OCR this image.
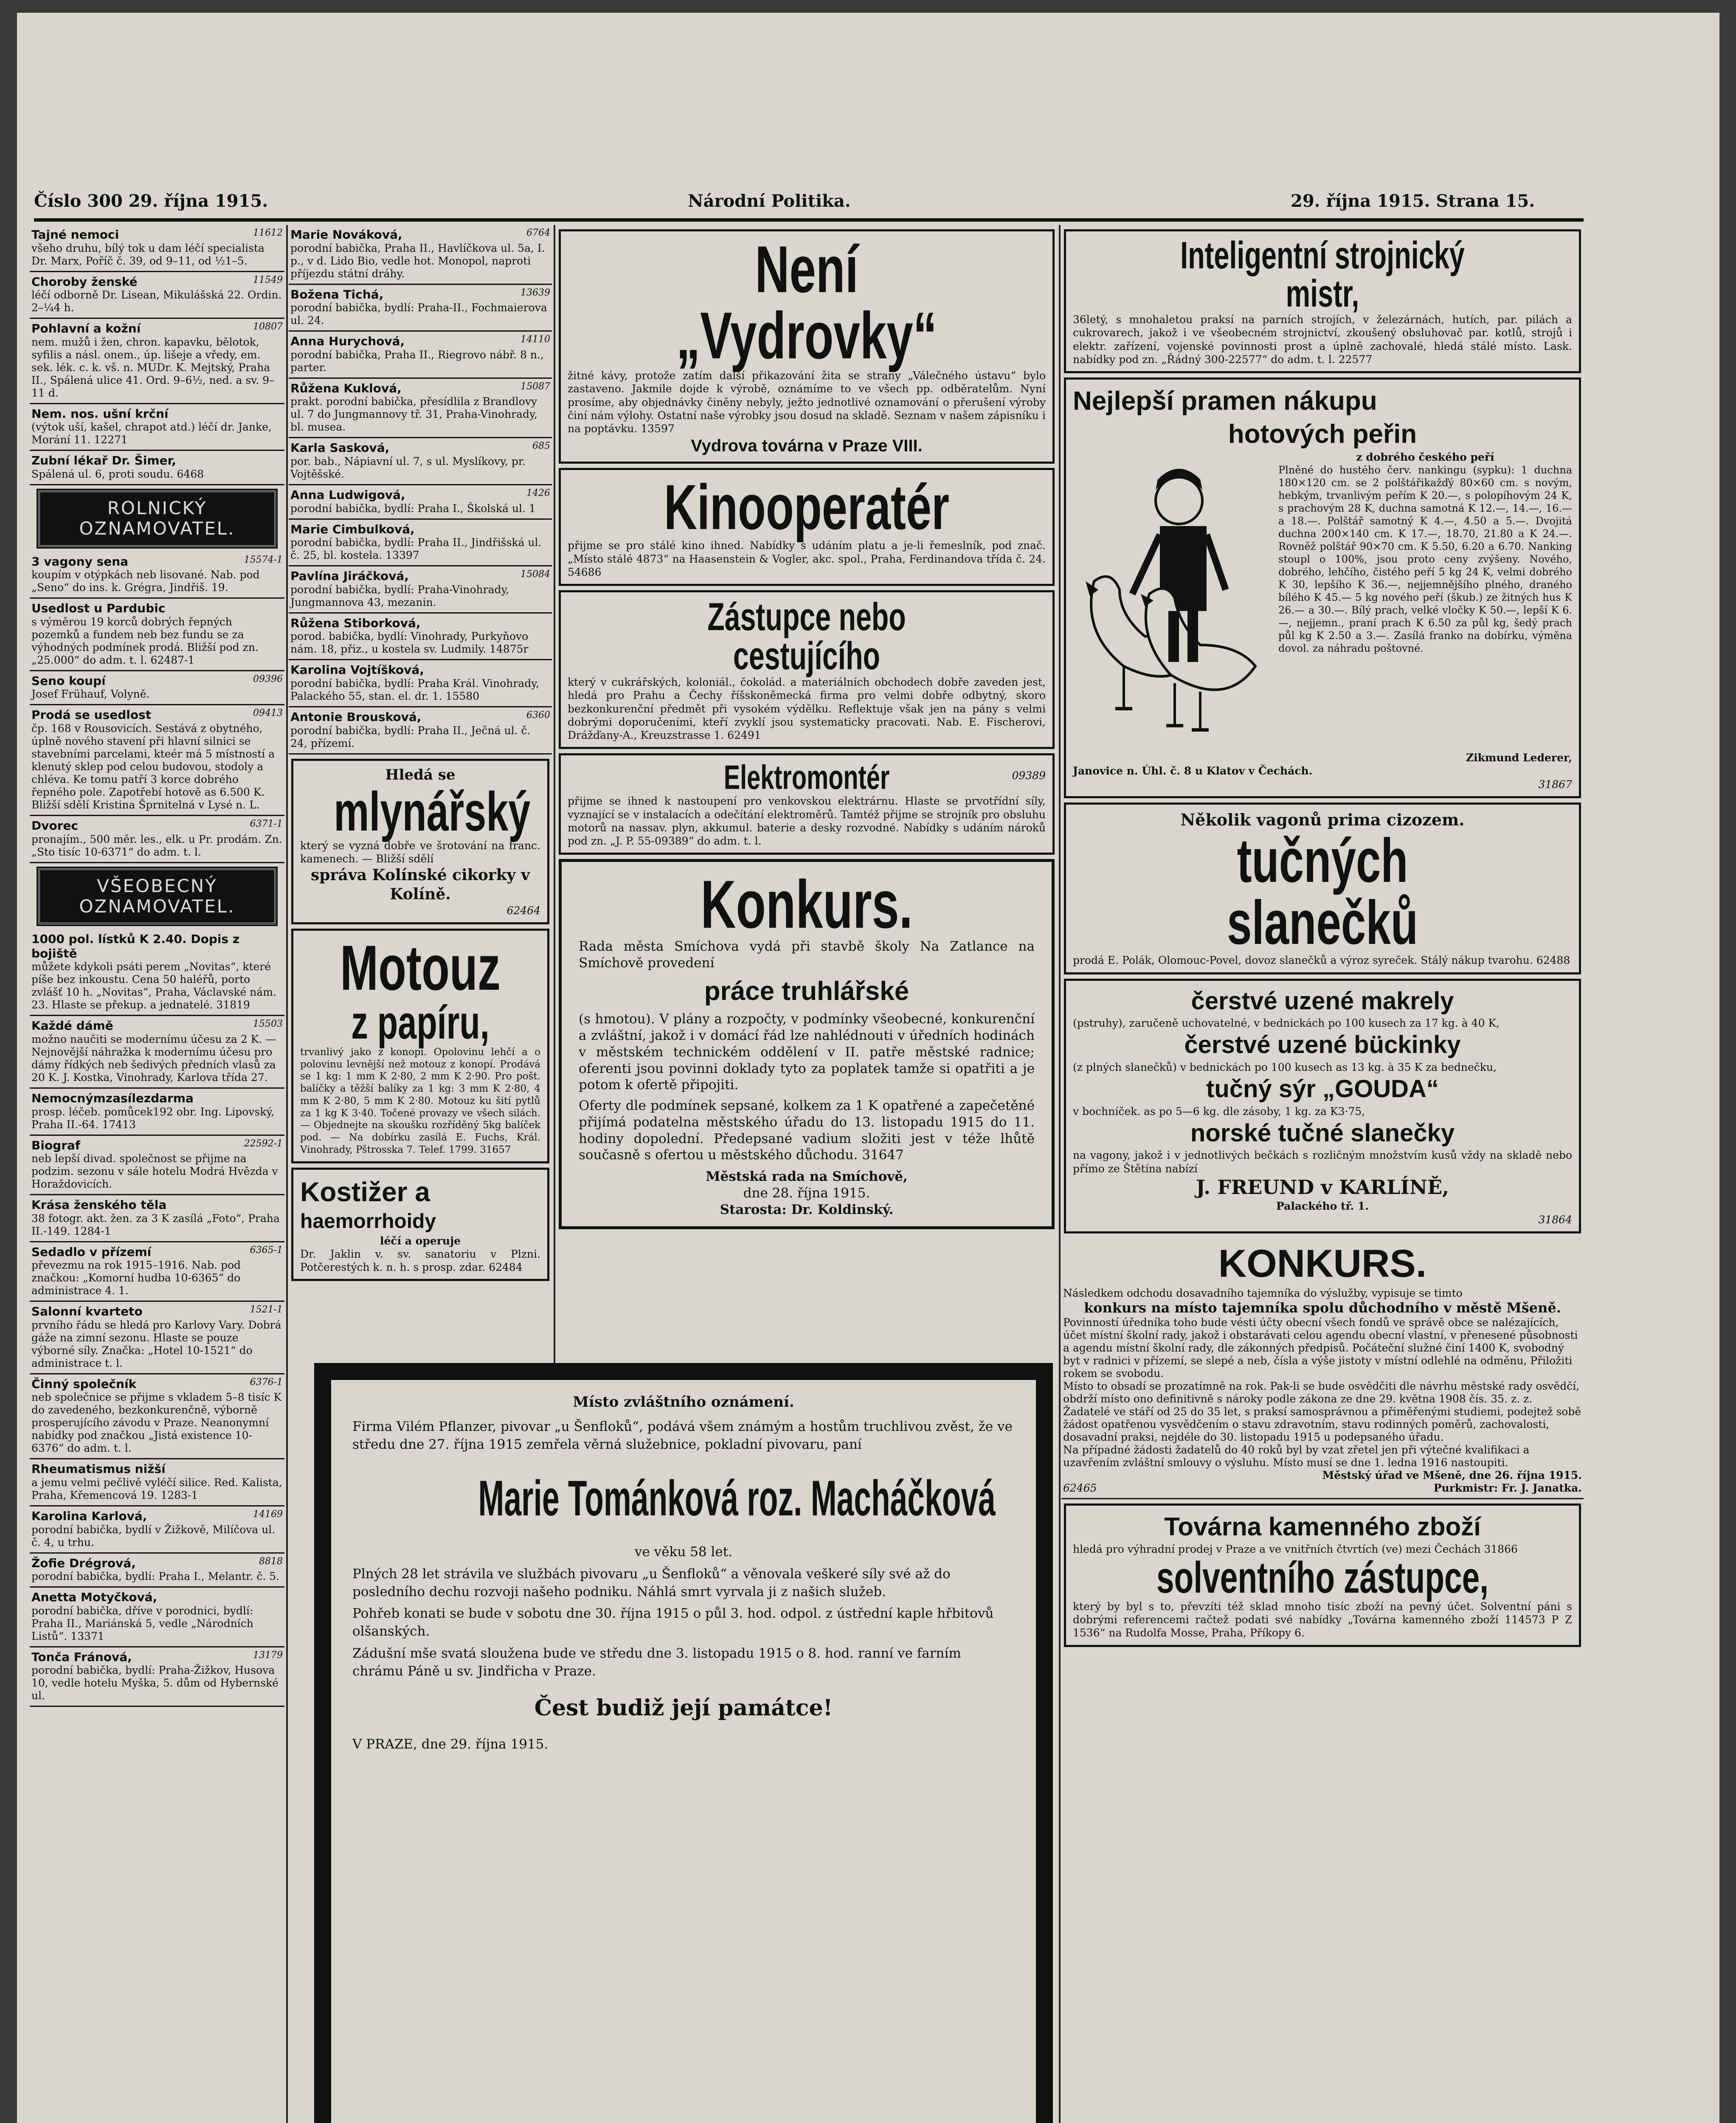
Číslo 300 29. října 1915.	Národní Politika.	29. října 1915. Strana 15.
11612
Tajné nemoci
všeho druhu, bílý tok u dam léčí specialista Dr. Marx, Poříč č. 39, od 9–11, od ½1–5.
11549
Choroby ženské
léčí odborně Dr. Lisean, Mikulášská 22. Ordin. 2–¼4 h.
10807
Pohlavní a kožní
nem. mužů i žen, chron. kapavku, bělotok, syfilis a násl. onem., úp. lišeje a vředy, em. sek. lék. c. k. vš. n. MUDr. K. Mejtský, Praha II., Spálená ulice 41. Ord. 9–6½, ned. a sv. 9–11 d.
Nem. nos. ušní krční
(výtok uší, kašel, chrapot atd.) léčí dr. Janke, Morání 11. 12271
Zubní lékař Dr. Šimer,
Spálená ul. 6, proti soudu. 6468
ROLNICKÝ OZNAMOVATEL.
15574-1
3 vagony sena
koupím v otýpkách neb lisované. Nab. pod „Seno“ do ins. k. Grégra, Jindřiš. 19.
Usedlost u Pardubic
s výměrou 19 korců dobrých řepných pozemků a fundem neb bez fundu se za výhodných podmínek prodá. Bližší pod zn. „25.000“ do adm. t. l. 62487-1
09396
Seno koupí
Josef Frühauf, Volyně.
09413
Prodá se usedlost
čp. 168 v Rousovicích. Sestává z obytného, úplně nového stavení při hlavní silnici se stavebními parcelami, kteér má 5 místností a klenutý sklep pod celou budovou, stodoly a chléva. Ke tomu patří 3 korce dobrého řepného pole. Zapotřebí hotově as 6.500 K. Bližší sdělí Kristina Šprnitelná v Lysé n. L.
6371-1
Dvorec
pronajím., 500 měr. les., elk. u Pr. prodám. Zn. „Sto tisíc 10-6371“ do adm. t. l.
VŠEOBECNÝ OZNAMOVATEL.
1000 pol. lístků K 2.40. Dopis z bojiště
můžete kdykoli psáti perem „Novitas“, které píše bez inkoustu. Cena 50 haléřů, porto zvlášť 10 h. „Novitas“, Praha, Václavské nám. 23. Hlaste se překup. a jednatelé. 31819
15503
Každé dámě
možno naučiti se modernímu účesu za 2 K. — Nejnovější náhražka k modernímu účesu pro dámy řídkých neb šedivých předních vlasů za 20 K. J. Kostka, Vinohrady, Karlova třída 27.
Nemocnýmzasílezdarma
prosp. léčeb. pomůcek192 obr. Ing. Lipovský, Praha II.-64. 17413
22592-1
Biograf
neb lepší divad. společnost se přijme na podzim. sezonu v sále hotelu Modrá Hvězda v Horaždovicích.
Krása ženského těla
38 fotogr. akt. žen. za 3 K zasílá „Foto“, Praha II.-149. 1284-1
6365-1
Sedadlo v přízemí
převezmu na rok 1915–1916. Nab. pod značkou: „Komorní hudba 10-6365“ do administrace 4. 1.
1521-1
Salonní kvarteto
prvního řádu se hledá pro Karlovy Vary. Dobrá gáže na zimní sezonu. Hlaste se pouze výborné síly. Značka: „Hotel 10-1521“ do administrace t. l.
6376-1
Činný společník
neb společnice se přijme s vkladem 5–8 tisíc K do zavedeného, bezkonkurenčně, výborně prosperujícího závodu v Praze. Neanonymní nabídky pod značkou „Jistá existence 10-6376“ do adm. t. l.
Rheumatismus nižší
a jemu velmi pečlivě vyléčí silice. Red. Kalista, Praha, Křemencová 19. 1283-1
14169
Karolina Karlová,
porodní babička, bydlí v Žižkově, Milíčova ul. č. 4, u trhu.
8818
Žofie Drégrová,
porodní babička, bydlí: Praha I., Melantr. č. 5.
Anetta Motyčková,
porodní babička, dříve v porodnici, bydlí: Praha II., Mariánská 5, vedle „Národních Listů“. 13371
13179
Tonča Fránová,
porodní babička, bydlí: Praha-Žižkov, Husova 10, vedle hotelu Myška, 5. dům od Hybernské ul.
6764
Marie Nováková,
porodní babička, Praha II., Havlíčkova ul. 5a, I. p., v d. Lido Bio, vedle hot. Monopol, naproti příjezdu státní dráhy.
13639
Božena Tichá,
porodní babička, bydlí: Praha-II., Fochmaierova ul. 24.
14110
Anna Hurychová,
porodní babička, Praha II., Riegrovo nábř. 8 n., parter.
15087
Růžena Kuklová,
prakt. porodní babička, přesídlila z Brandlovy ul. 7 do Jungmannovy tř. 31, Praha-Vinohrady, bl. musea.
685
Karla Sasková,
por. bab., Nápiavní ul. 7, s ul. Myslíkovy, pr. Vojtěšské.
1426
Anna Ludwigová,
porodní babička, bydlí: Praha I., Školská ul. 1
Marie Cimbulková,
porodní babička, bydlí: Praha II., Jindřišská ul. č. 25, bl. kostela. 13397
15084
Pavlína Jiráčková,
porodní babička, bydlí: Praha-Vinohrady, Jungmannova 43, mezanin.
Růžena Stiborková,
porod. babička, bydlí: Vinohrady, Purkyňovo nám. 18, přiz., u kostela sv. Ludmily. 14875r
Karolina Vojtíšková,
porodní babička, bydlí: Praha Král. Vinohrady, Palackého 55, stan. el. dr. 1. 15580
6360
Antonie Brousková,
porodní babička, bydlí: Praha II., Ječná ul. č. 24, přízemí.
Hledá se
mlynářský
který se vyzná dobře ve šrotování na franc. kamenech. — Bližší sdělí
správa Kolínské cikorky v Kolíně.
62464
Motouz
z papíru,
trvanlivý jako z konopí. Opolovinu lehčí a o polovinu levnější než motouz z konopí. Prodává se 1 kg: 1 mm K 2·80, 2 mm K 2·90. Pro pošt. balíčky a těžší balíky za 1 kg: 3 mm K 2·80, 4 mm K 2·80, 5 mm K 2·80. Motouz ku šití pytlů za 1 kg K 3·40. Točené provazy ve všech silách. — Objednejte na skoušku rozříděný 5kg balíček pod. — Na dobírku zasílá E. Fuchs, Král. Vinohrady, Pštrosska 7. Telef. 1799. 31657
Kostižer a
haemorrhoidy
léčí a operuje
Dr. Jaklin v. sv. sanatoriu v Plzni. Potčerestých k. n. h. s prosp. zdar. 62484
Není „Vydrovky“
žitné kávy, protože zatím další přikazování žita se strany „Válečného ústavu“ bylo zastaveno. Jakmile dojde k výrobě, oznámíme to ve všech pp. odběratelům. Nyní prosíme, aby objednávky činěny nebyly, ježto jednotlivé oznamování o přerušení výroby činí nám výlohy. Ostatní naše výrobky jsou dosud na skladě. Seznam v našem zápisníku i na poptávku. 13597
Vydrova továrna v Praze VIII.
Kinooperatér
přijme se pro stálé kino ihned. Nabídky s udáním platu a je-li řemeslník, pod znač. „Místo stálé 4873“ na Haasenstein & Vogler, akc. spol., Praha, Ferdinandova třída č. 24. 54686
Zástupce nebo cestujícího
který v cukrářských, koloniál., čokolád. a materiálních obchodech dobře zaveden jest, hledá pro Prahu a Čechy říšskoněmecká firma pro velmi dobře odbytný, skoro bezkonkurenční předmět při vysokém výdělku. Reflektuje však jen na pány s velmi dobrými doporučeními, kteří zvyklí jsou systematicky pracovati. Nab. E. Fischerovi, Drážďany-A., Kreuzstrasse 1. 62491
Elektromontér	09389
přijme se ihned k nastoupení pro venkovskou elektrárnu. Hlaste se prvotřídní síly, vyznající se v instalacích a odečítání elektroměrů. Tamtéž přijme se strojník pro obsluhu motorů na nassav. plyn, akkumul. baterie a desky rozvodné. Nabídky s udáním nároků pod zn. „J. P. 55-09389“ do adm. t. l.
Konkurs.
Rada města Smíchova vydá při stavbě školy Na Zatlance na Smíchově provedení
práce truhlářské
(s hmotou). V plány a rozpočty, v podmínky všeobecné, konkurenční a zvláštní, jakož i v domácí řád lze nahlédnouti v úředních hodinách v městském technickém oddělení v II. patře městské radnice; oferenti jsou povinni doklady tyto za poplatek tamže si opatřiti a je potom k ofertě připojiti.
Oferty dle podmínek sepsané, kolkem za 1 K opatřené a zapečetěné přijímá podatelna městského úřadu do 13. listopadu 1915 do 11. hodiny dopolední. Předepsané vadium složiti jest v téže lhůtě současně s ofertou u městského důchodu. 31647
Městská rada na Smíchově,
dne 28. října 1915.
Starosta: Dr. Koldinský.
Inteligentní strojnický mistr,
36letý, s mnohaletou praksí na parních strojích, v železárnách, hutích, par. pilách a cukrovarech, jakož i ve všeobecném strojnictví, zkoušený obsluhovač par. kotlů, strojů i elektr. zařízení, vojenské povinnosti prost a úplně zachovalé, hledá stálé místo. Lask. nabídky pod zn. „Řádný 300-22577“ do adm. t. l. 22577
Nejlepší pramen nákupu
hotových peřin
z dobrého českého peří
Plněné do hustého červ. nankingu (sypku): 1 duchna 180×120 cm. se 2 polštářikažďý 80×60 cm. s novým, hebkým, trvanlivým peřím K 20.—, s polopíhovým 24 K, s prachovým 28 K, duchna samotná K 12.—, 14.—, 16.— a 18.—. Polštář samotný K 4.—, 4.50 a 5.—. Dvojitá duchna 200×140 cm. K 17.—, 18.70, 21.80 a K 24.—. Rovněž polštář 90×70 cm. K 5.50, 6.20 a 6.70. Nanking stoupl o 100%, jsou proto ceny zvýšeny. Nového, dobrého, lehčího, čistého peří 5 kg 24 K, velmi dobrého K 30, lepšího K 36.—, nejjemnějšího plného, draného bílého K 45.— 5 kg nového peří (škub.) ze žitných hus K 26.— a 30.—. Bílý prach, velké vločky K 50.—, lepší K 6.—, nejjemn., praní prach K 6.50 za půl kg, šedý prach půl kg K 2.50 a 3.—. Zasílá franko na dobírku, výměna dovol. za náhradu poštovné.
Zikmund Lederer,
Janovice n. Úhl. č. 8 u Klatov v Čechách.
31867
Několik vagonů prima cizozem.
tučných slanečků
prodá E. Polák, Olomouc-Povel, dovoz slanečků a výroz syreček. Stálý nákup tvarohu. 62488
čerstvé uzené makrely
(pstruhy), zaručeně uchovatelné, v bednickách po 100 kusech za 17 kg. à 40 K,
čerstvé uzené bückinky
(z plných slanečků) v bednickách po 100 kusech as 13 kg. à 35 K za bednečku,
tučný sýr „GOUDA“
v bochníček. as po 5—6 kg. dle zásoby, 1 kg. za K3·75,
norské tučné slanečky
na vagony, jakož i v jednotlivých bečkách s rozličným množstvím kusů vždy na skladě nebo přímo ze Štětína nabízí
J. FREUND v KARLÍNĚ,
Palackého tř. 1.
31864
KONKURS.
Následkem odchodu dosavadního tajemníka do výslužby, vypisuje se timto
konkurs na místo tajemníka spolu důchodního v městě Mšeně.
Povinností úředníka toho bude vésti účty obecní všech fondů ve správě obce se nalézajících, účet místní školní rady, jakož i obstarávati celou agendu obecní vlastní, v přenesené působnosti a agendu místní školní rady, dle zákonných předpisů. Počáteční služné činí 1400 K, svobodný byt v radnici v přízemí, se slepé a neb, čísla a výše jistoty v místní odlehlé na odměnu, Přiložiti rokem se svobodu.
Místo to obsadí se prozatímně na rok. Pak-li se bude osvědčiti dle návrhu městské rady osvědčí, obdrží místo ono definitivně s nároky podle zákona ze dne 29. května 1908 čís. 35. z. z.
Žadatelé ve stáří od 25 do 35 let, s praksí samosprávnou a přiměřenými studiemi, podejtež sobě žádost opatřenou vysvědčením o stavu zdravotním, stavu rodinných poměrů, zachovalosti, dosavadní praksi, nejdéle do 30. listopadu 1915 u podepsaného úřadu.
Na případné žádosti žadatelů do 40 roků byl by vzat zřetel jen při výtečné kvalifikaci a uzavřením zvláštní smlouvy o výsluhu. Místo musí se dne 1. ledna 1916 nastoupiti.
Městský úřad ve Mšeně, dne 26. října 1915.
62465	Purkmistr: Fr. J. Janatka.
Továrna kamenného zboží
hledá pro výhradní prodej v Praze a ve vnitřních čtvrtích (ve) mezi Čechách 31866
solventního zástupce,
který by byl s to, převzíti též sklad mnoho tisíc zboží na pevný účet. Solventní páni s dobrými referencemi račtež podati své nabídky „Továrna kamenného zboží 114573 P Z 1536“ na Rudolfa Mosse, Praha, Příkopy 6.
Místo zvláštního oznámení.
Firma Vilém Pflanzer, pivovar „u Šenfloků“, podává všem známým a hostům truchlivou zvěst, že ve středu dne 27. října 1915 zemřela věrná služebnice, pokladní pivovaru, paní
Marie Tománková roz. Macháčková
ve věku 58 let.
Plných 28 let strávila ve službách pivovaru „u Šenfloků“ a věnovala veškeré síly své až do posledního dechu rozvoji našeho podniku. Náhlá smrt vyrvala ji z našich služeb.
Pohřeb konati se bude v sobotu dne 30. října 1915 o půl 3. hod. odpol. z ústřední kaple hřbitovů olšanských.
Zádušní mše svatá sloužena bude ve středu dne 3. listopadu 1915 o 8. hod. ranní ve farním chrámu Páně u sv. Jindřicha v Praze.
Čest budiž její památce!
V PRAZE, dne 29. října 1915.
